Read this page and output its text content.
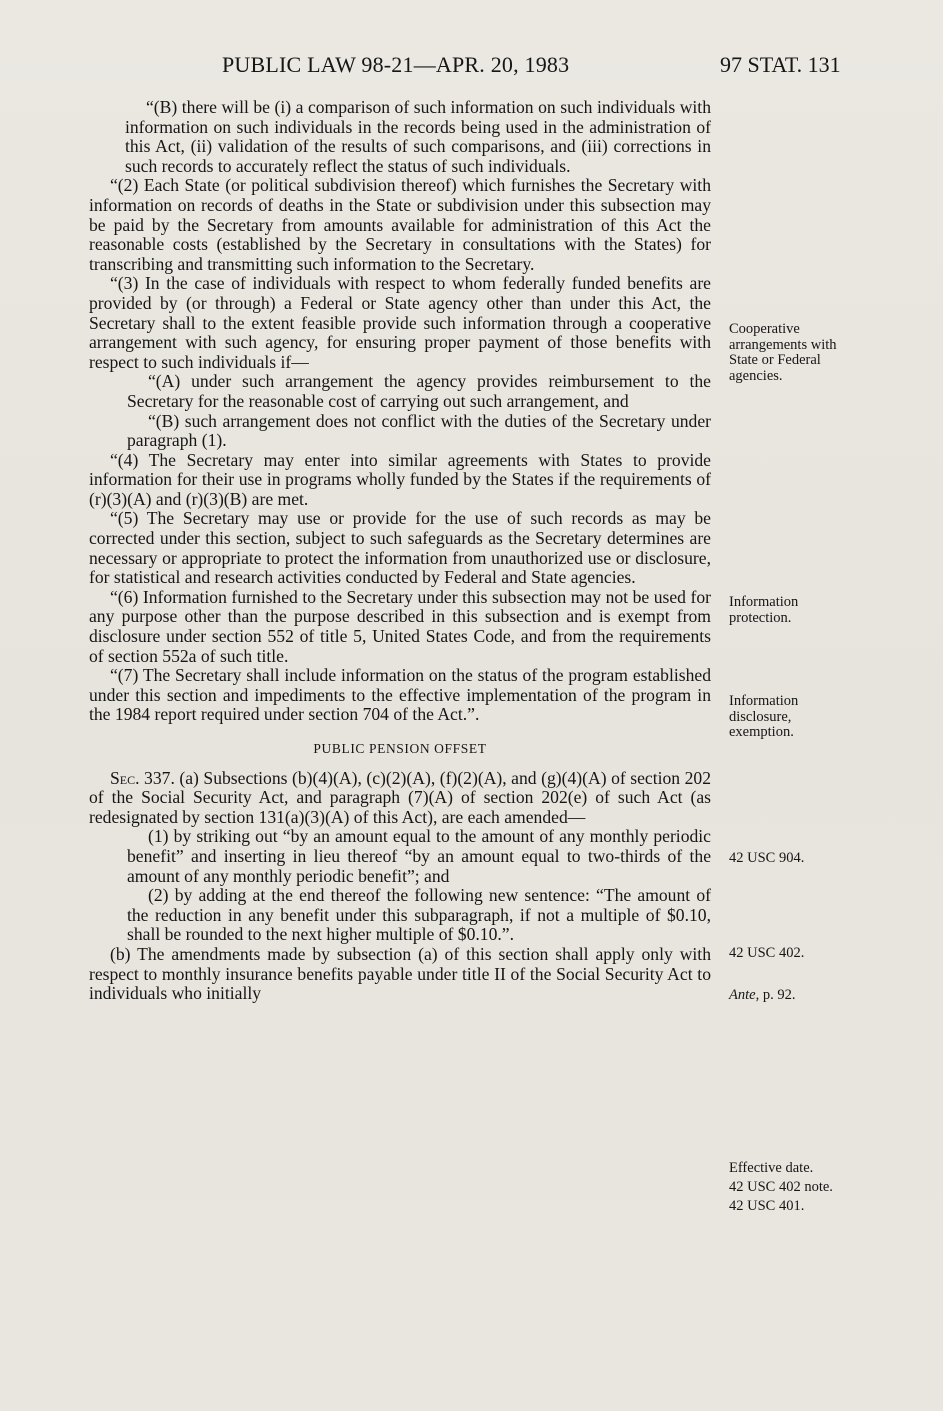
PUBLIC LAW 98-21—APR. 20, 1983	97 STAT. 131

“(B) there will be (i) a comparison of such information on such individuals with information on such individuals in the records being used in the administration of this Act, (ii) validation of the results of such comparisons, and (iii) corrections in such records to accurately reflect the status of such individuals.

“(2) Each State (or political subdivision thereof) which furnishes the Secretary with information on records of deaths in the State or subdivision under this subsection may be paid by the Secretary from amounts available for administration of this Act the reasonable costs (established by the Secretary in consultations with the States) for transcribing and transmitting such information to the Secretary.

“(3) In the case of individuals with respect to whom federally funded benefits are provided by (or through) a Federal or State agency other than under this Act, the Secretary shall to the extent feasible provide such information through a cooperative arrangement with such agency, for ensuring proper payment of those benefits with respect to such individuals if—

“(A) under such arrangement the agency provides reimbursement to the Secretary for the reasonable cost of carrying out such arrangement, and

“(B) such arrangement does not conflict with the duties of the Secretary under paragraph (1).

“(4) The Secretary may enter into similar agreements with States to provide information for their use in programs wholly funded by the States if the requirements of (r)(3)(A) and (r)(3)(B) are met.

“(5) The Secretary may use or provide for the use of such records as may be corrected under this section, subject to such safeguards as the Secretary determines are necessary or appropriate to protect the information from unauthorized use or disclosure, for statistical and research activities conducted by Federal and State agencies.

“(6) Information furnished to the Secretary under this subsection may not be used for any purpose other than the purpose described in this subsection and is exempt from disclosure under section 552 of title 5, United States Code, and from the requirements of section 552a of such title.

“(7) The Secretary shall include information on the status of the program established under this section and impediments to the effective implementation of the program in the 1984 report required under section 704 of the Act.”.

PUBLIC PENSION OFFSET

Sec. 337. (a) Subsections (b)(4)(A), (c)(2)(A), (f)(2)(A), and (g)(4)(A) of section 202 of the Social Security Act, and paragraph (7)(A) of section 202(e) of such Act (as redesignated by section 131(a)(3)(A) of this Act), are each amended—

(1) by striking out “by an amount equal to the amount of any monthly periodic benefit” and inserting in lieu thereof “by an amount equal to two-thirds of the amount of any monthly periodic benefit”; and

(2) by adding at the end thereof the following new sentence: “The amount of the reduction in any benefit under this subparagraph, if not a multiple of $0.10, shall be rounded to the next higher multiple of $0.10.”.

(b) The amendments made by subsection (a) of this section shall apply only with respect to monthly insurance benefits payable under title II of the Social Security Act to individuals who initially

Cooperative arrangements with State or Federal agencies.
Information protection.
Information disclosure, exemption.
42 USC 904.
42 USC 402.
Ante, p. 92.
Effective date.
42 USC 402 note.
42 USC 401.
